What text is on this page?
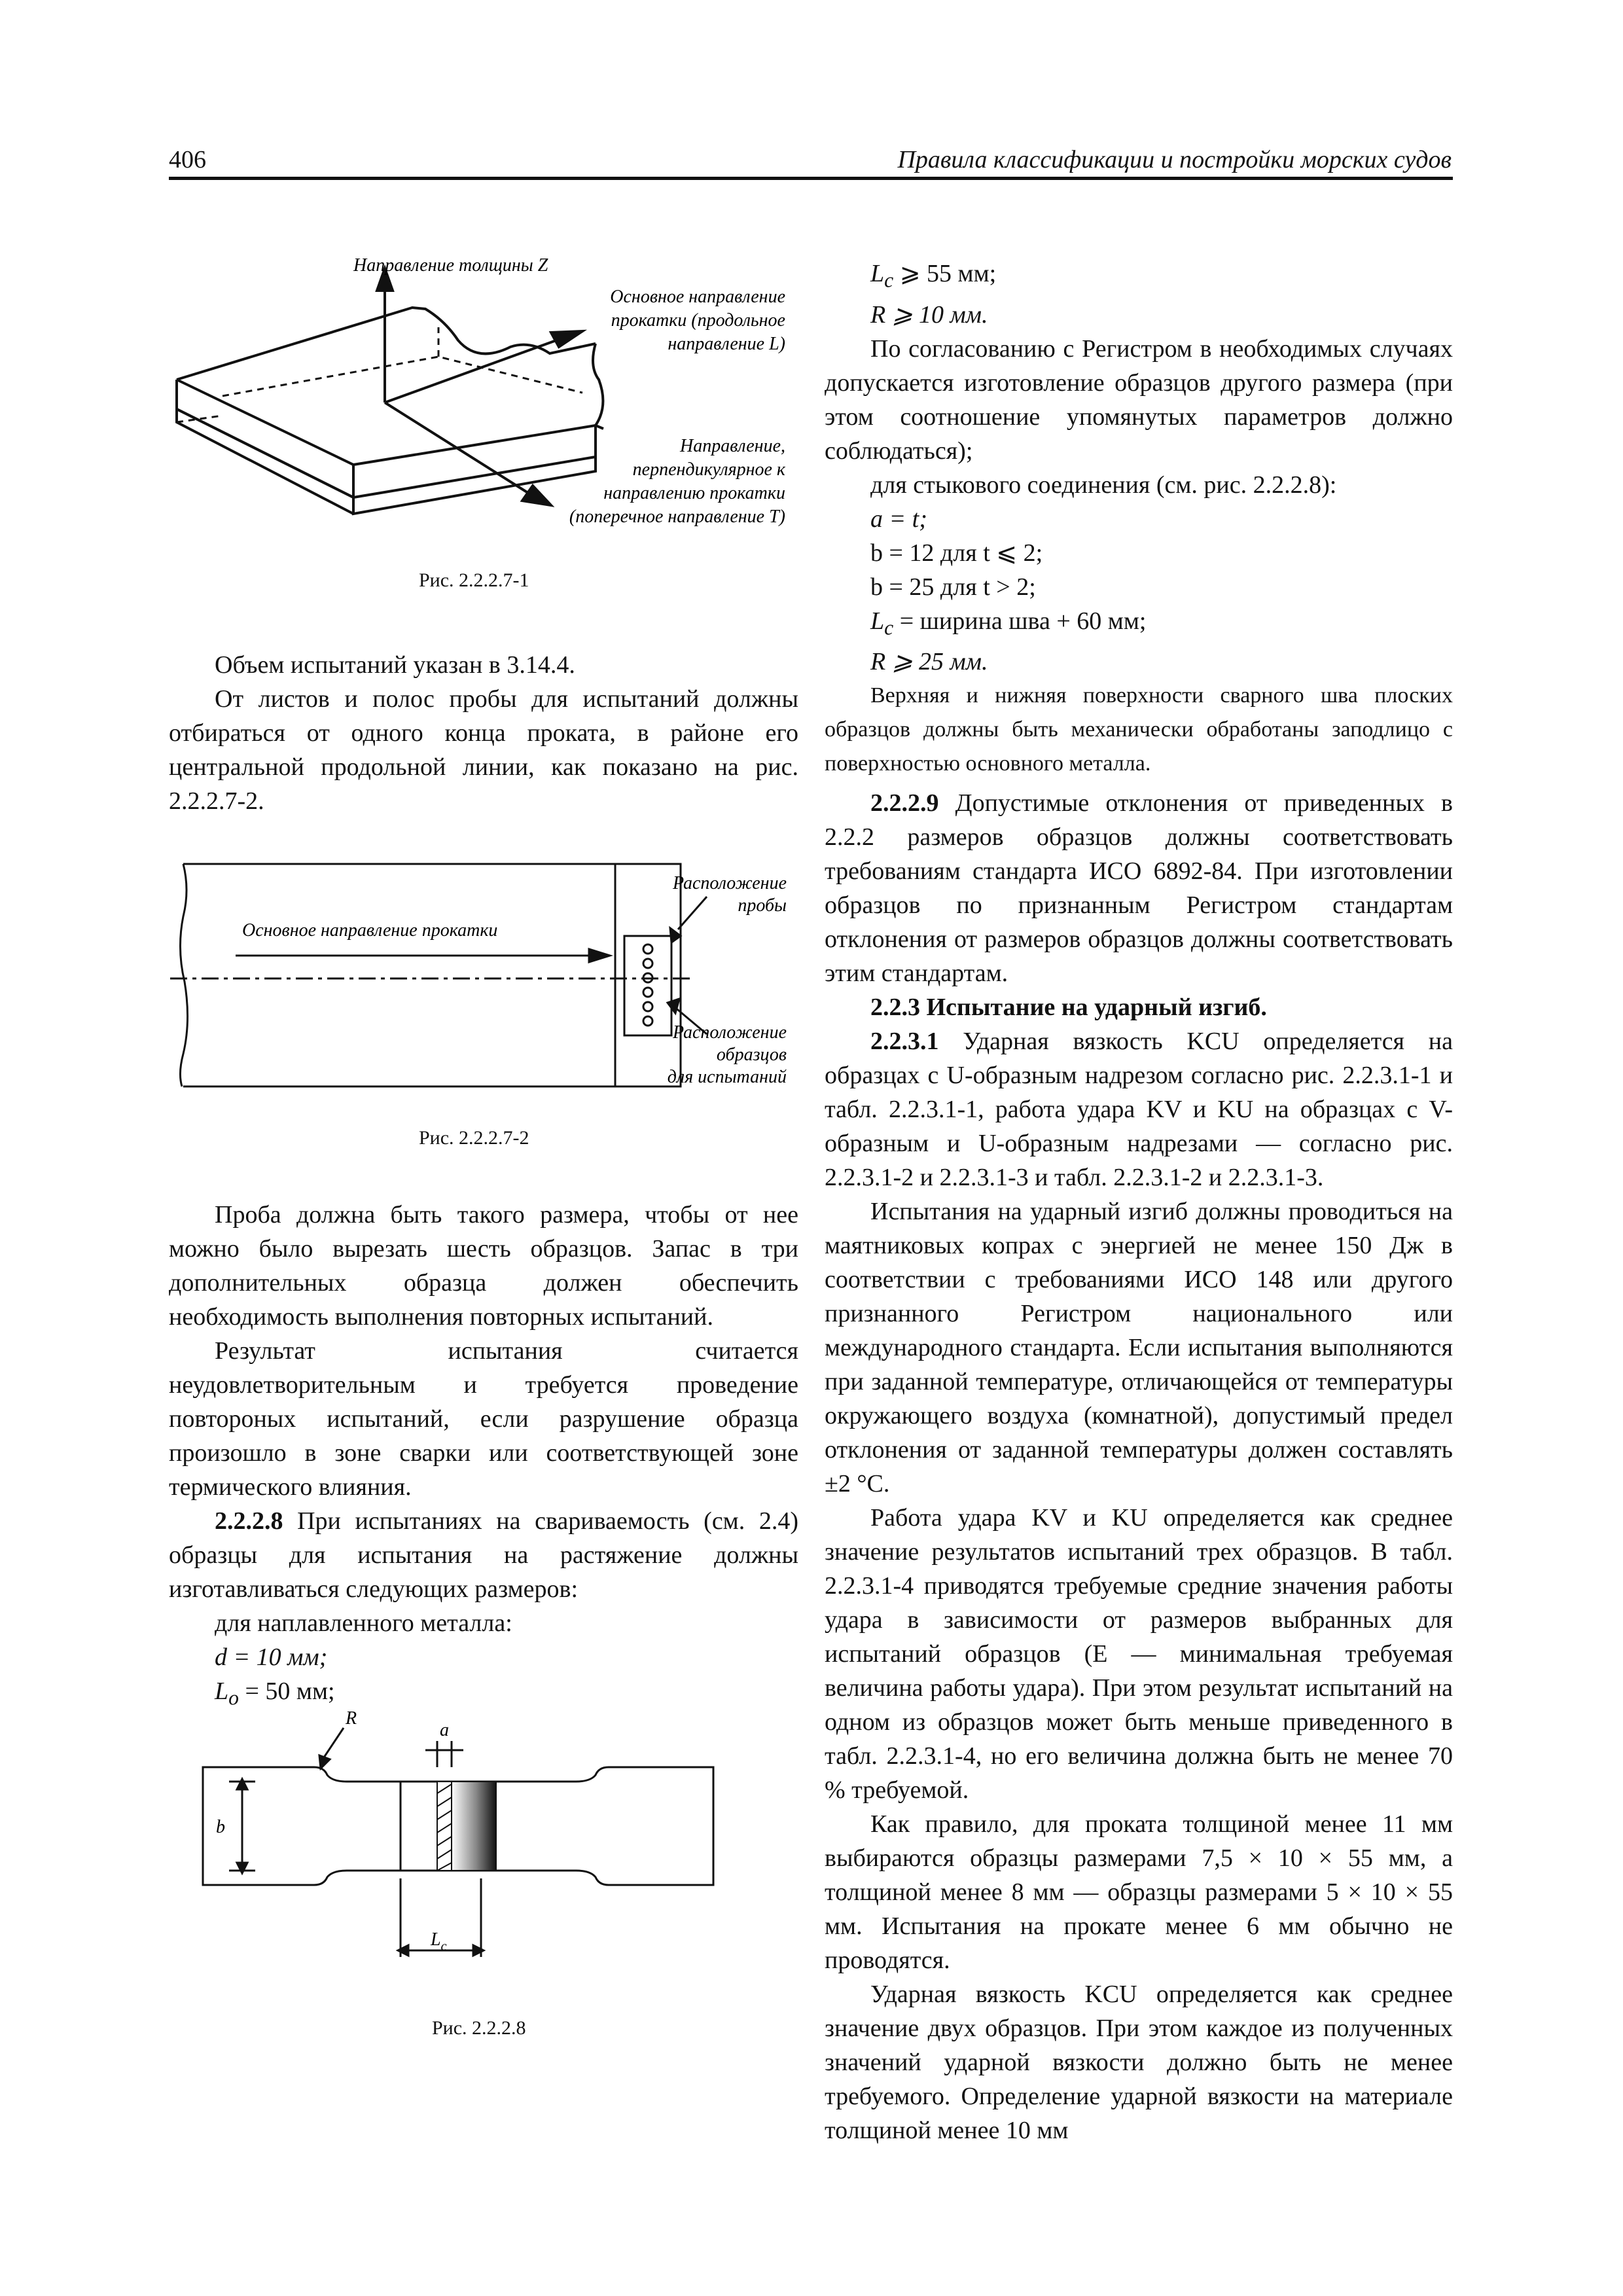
406	Правила классификации и постройки морских судов
Направление толщины Z
Основное направление
прокатки (продольное
направление L)
Направление,
перпендикулярное к
направлению прокатки
(поперечное направление T)
Рис. 2.2.2.7-1

Объем испытаний указан в 3.14.4.

От листов и полос пробы для испытаний должны отбираться от одного конца проката, в районе его центральной продольной линии, как показано на рис. 2.2.2.7-2.

Основное направление прокатки
Расположение
пробы
Расположение
образцов
для испытаний
Рис. 2.2.2.7-2

Проба должна быть такого размера, чтобы от нее можно было вырезать шесть образцов. Запас в три дополнительных образца должен обеспечить необходимость выполнения повторных испытаний.

Результат испытания считается неудовлетворительным и требуется проведение повтороных испытаний, если разрушение образца произошло в зоне сварки или соответствующей зоне термического влияния.

2.2.2.8 При испытаниях на свариваемость (см. 2.4) образцы для испытания на растяжение должны изготавливаться следующих размеров:

для наплавленного металла:
d = 10 мм;
$L_o = 50$ мм;
R
a
b
$L_c$
Рис. 2.2.2.8
$L_c$ ⩾ 55 мм;
R ⩾ 10 мм.

По согласованию с Регистром в необходимых случаях допускается изготовление образцов другого размера (при этом соотношение упомянутых параметров должно соблюдаться);

для стыкового соединения (см. рис. 2.2.2.8):
a = t;
b = 12 для t ⩽ 2;
b = 25 для t > 2;
$L_c$ = ширина шва + 60 мм;
R ⩾ 25 мм.

Верхняя и нижняя поверхности сварного шва плоских образцов должны быть механически обработаны заподлицо с поверхностью основного металла.

2.2.2.9 Допустимые отклонения от приведенных в 2.2.2 размеров образцов должны соответствовать требованиям стандарта ИСО 6892-84. При изготовлении образцов по признанным Регистром стандартам отклонения от размеров образцов должны соответствовать этим стандартам.

2.2.3 Испытание на ударный изгиб.

2.2.3.1 Ударная вязкость KCU определяется на образцах с U-образным надрезом согласно рис. 2.2.3.1-1 и табл. 2.2.3.1-1, работа удара KV и KU на образцах с V-образным и U-образным надрезами — согласно рис. 2.2.3.1-2 и 2.2.3.1-3 и табл. 2.2.3.1-2 и 2.2.3.1-3.

Испытания на ударный изгиб должны проводиться на маятниковых копрах с энергией не менее 150 Дж в соответствии с требованиями ИСО 148 или другого признанного Регистром национального или международного стандарта. Если испытания выполняются при заданной температуре, отличающейся от температуры окружающего воздуха (комнатной), допустимый предел отклонения от заданной температуры должен составлять ±2 °C.

Работа удара KV и KU определяется как среднее значение результатов испытаний трех образцов. В табл. 2.2.3.1-4 приводятся требуемые средние значения работы удара в зависимости от размеров выбранных для испытаний образцов (E — минимальная требуемая величина работы удара). При этом результат испытаний на одном из образцов может быть меньше приведенного в табл. 2.2.3.1-4, но его величина должна быть не менее 70 % требуемой.

Как правило, для проката толщиной менее 11 мм выбираются образцы размерами 7,5 × 10 × 55 мм, а толщиной менее 8 мм — образцы размерами 5 × 10 × 55 мм. Испытания на прокате менее 6 мм обычно не проводятся.

Ударная вязкость KCU определяется как среднее значение двух образцов. При этом каждое из полученных значений ударной вязкости должно быть не менее требуемого. Определение ударной вязкости на материале толщиной менее 10 мм
